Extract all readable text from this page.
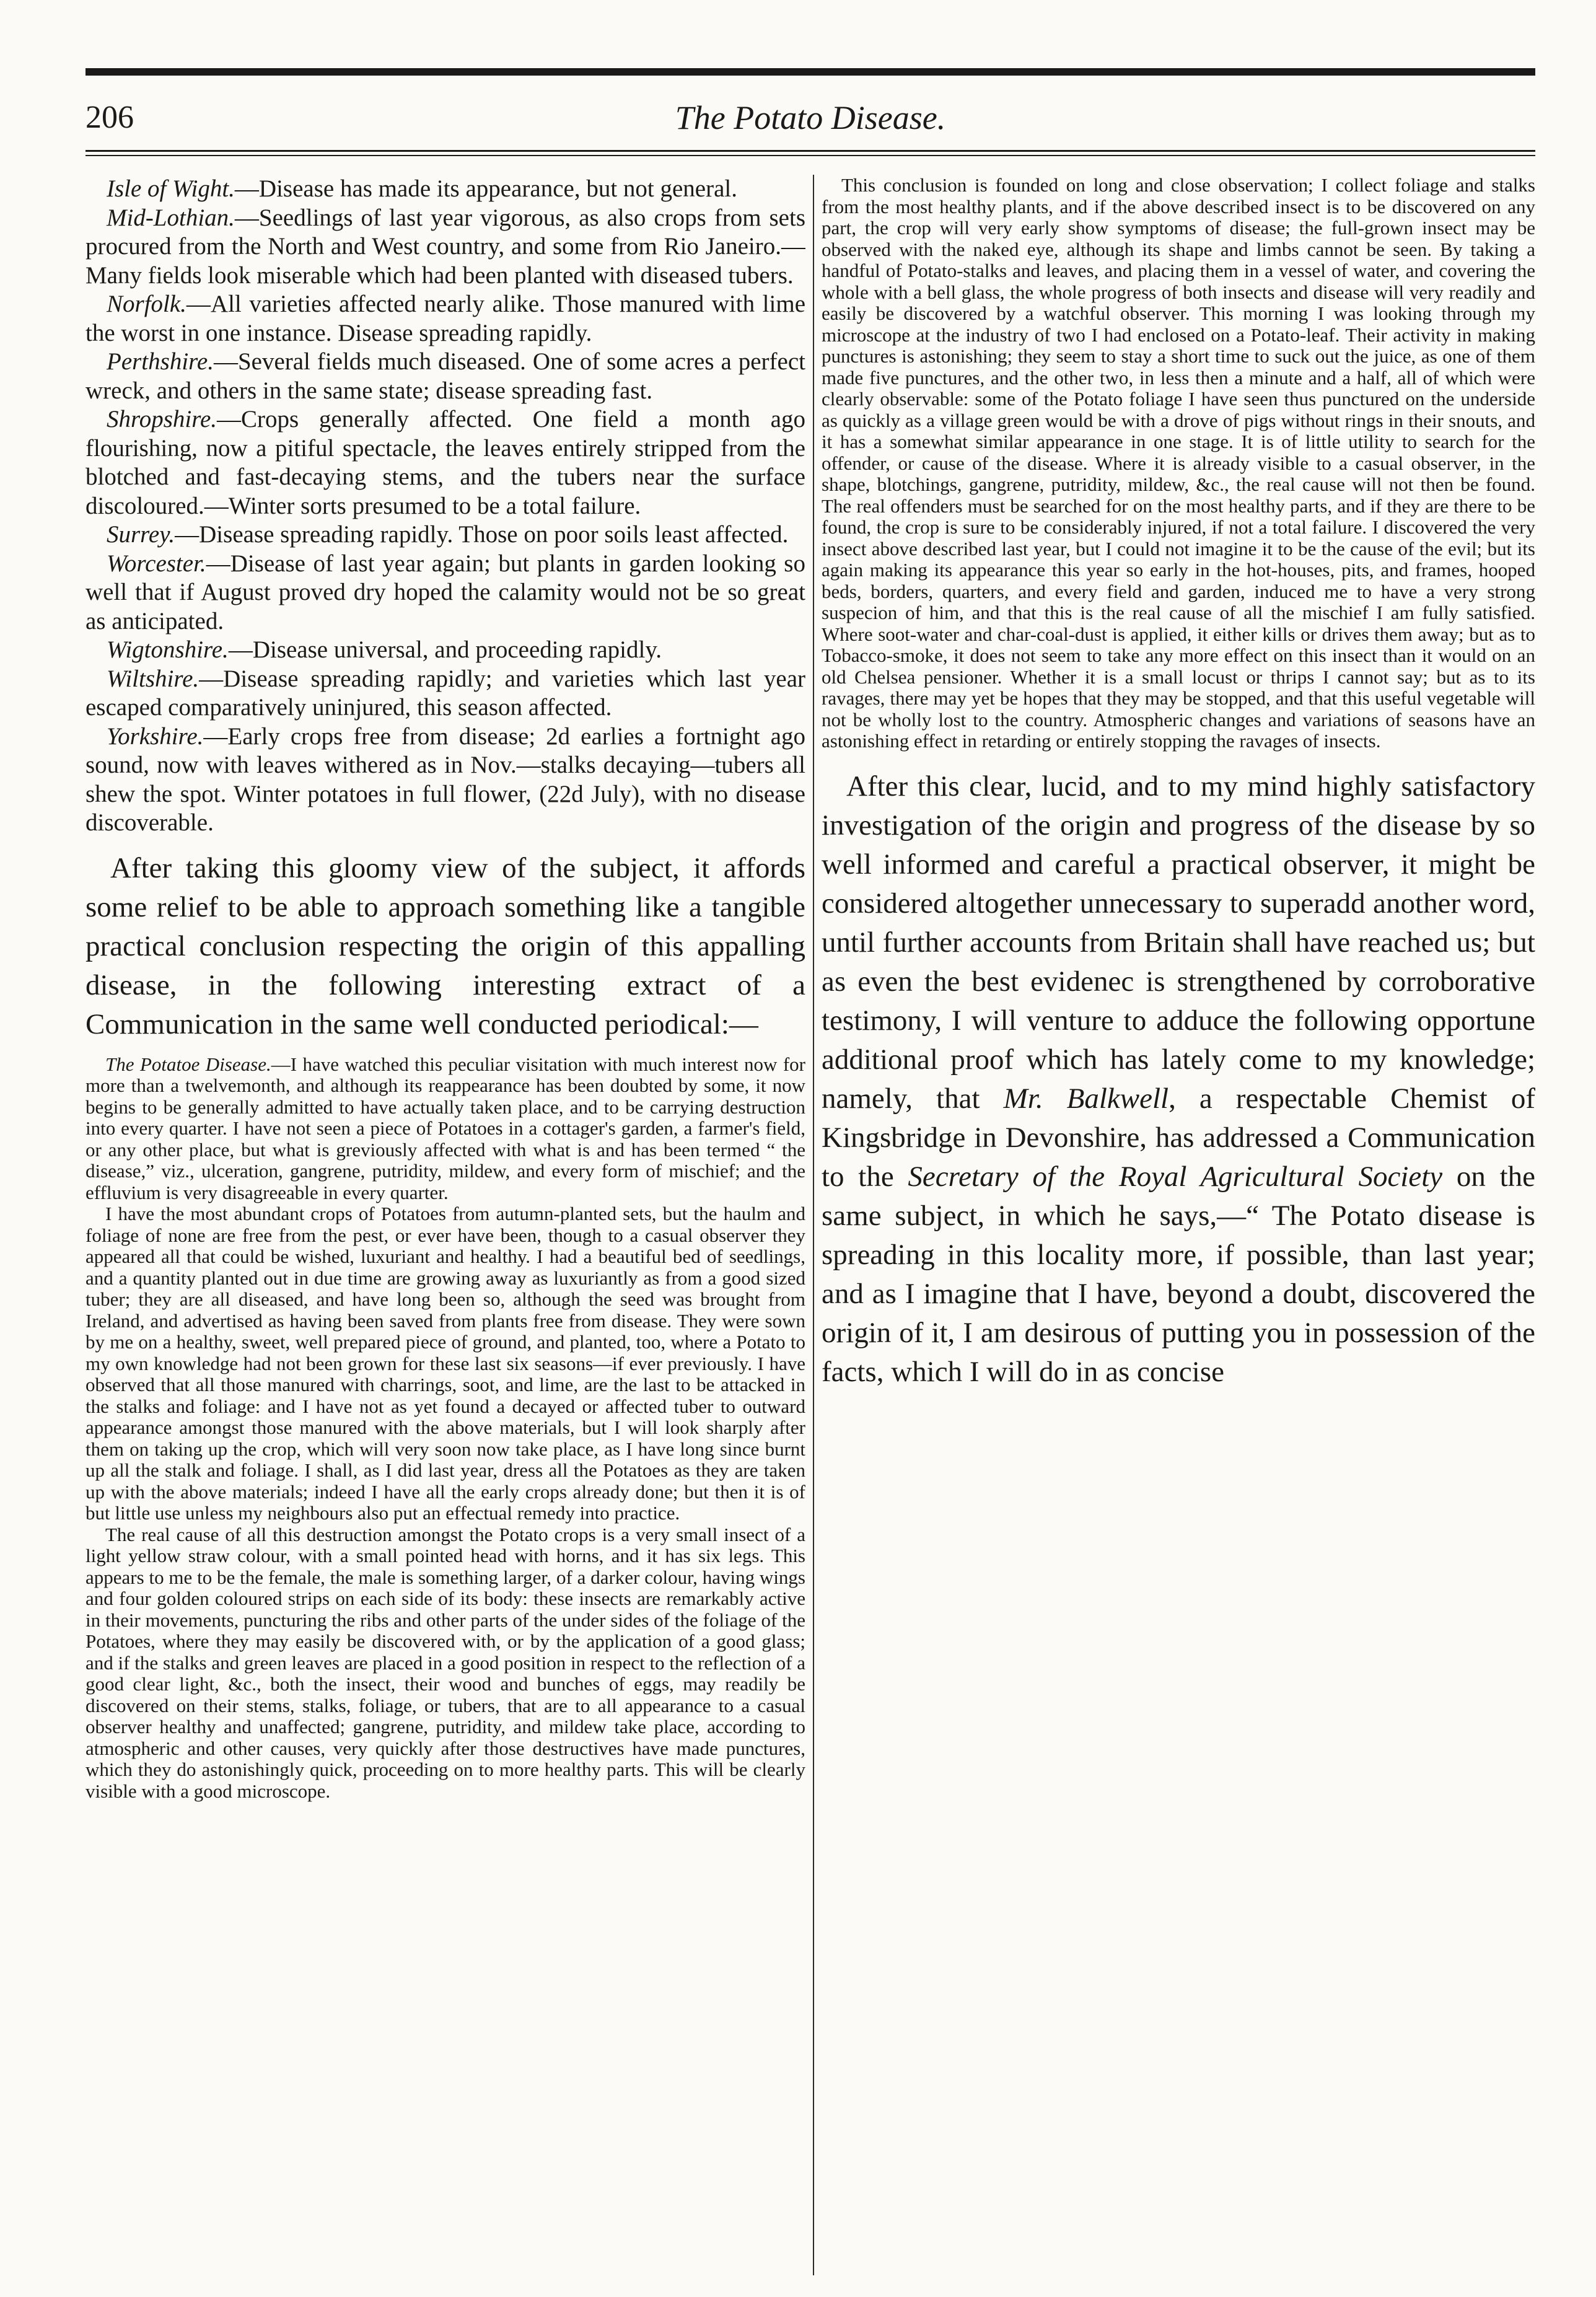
206	The Potato Disease.

Isle of Wight.—Disease has made its appearance, but not general.

Mid-Lothian.—Seedlings of last year vigorous, as also crops from sets procured from the North and West country, and some from Rio Janeiro.—Many fields look miserable which had been planted with diseased tubers.

Norfolk.—All varieties affected nearly alike. Those manured with lime the worst in one instance. Disease spreading rapidly.

Perthshire.—Several fields much diseased. One of some acres a perfect wreck, and others in the same state; disease spreading fast.

Shropshire.—Crops generally affected. One field a month ago flourishing, now a pitiful spectacle, the leaves entirely stripped from the blotched and fast-decaying stems, and the tubers near the surface discoloured.—Winter sorts presumed to be a total failure.

Surrey.—Disease spreading rapidly. Those on poor soils least affected.

Worcester.—Disease of last year again; but plants in garden looking so well that if August proved dry hoped the calamity would not be so great as anticipated.

Wigtonshire.—Disease universal, and proceeding rapidly.

Wiltshire.—Disease spreading rapidly; and varieties which last year escaped comparatively uninjured, this season affected.

Yorkshire.—Early crops free from disease; 2d earlies a fortnight ago sound, now with leaves withered as in Nov.—stalks decaying—tubers all shew the spot. Winter potatoes in full flower, (22d July), with no disease discoverable.

After taking this gloomy view of the subject, it affords some relief to be able to approach something like a tangible practical conclusion respecting the origin of this appalling disease, in the following interesting extract of a Communication in the same well conducted periodical:—

The Potatoe Disease.—I have watched this peculiar visitation with much interest now for more than a twelvemonth, and although its reappearance has been doubted by some, it now begins to be generally admitted to have actually taken place, and to be carrying destruction into every quarter. I have not seen a piece of Potatoes in a cottager's garden, a farmer's field, or any other place, but what is greviously affected with what is and has been termed “ the disease,” viz., ulceration, gangrene, putridity, mildew, and every form of mischief; and the effluvium is very disagreeable in every quarter.

I have the most abundant crops of Potatoes from autumn-planted sets, but the haulm and foliage of none are free from the pest, or ever have been, though to a casual observer they appeared all that could be wished, luxuriant and healthy. I had a beautiful bed of seedlings, and a quantity planted out in due time are growing away as luxuriantly as from a good sized tuber; they are all diseased, and have long been so, although the seed was brought from Ireland, and advertised as having been saved from plants free from disease. They were sown by me on a healthy, sweet, well prepared piece of ground, and planted, too, where a Potato to my own knowledge had not been grown for these last six seasons—if ever previously. I have observed that all those manured with charrings, soot, and lime, are the last to be attacked in the stalks and foliage: and I have not as yet found a decayed or affected tuber to outward appearance amongst those manured with the above materials, but I will look sharply after them on taking up the crop, which will very soon now take place, as I have long since burnt up all the stalk and foliage. I shall, as I did last year, dress all the Potatoes as they are taken up with the above materials; indeed I have all the early crops already done; but then it is of but little use unless my neighbours also put an effectual remedy into practice.

The real cause of all this destruction amongst the Potato crops is a very small insect of a light yellow straw colour, with a small pointed head with horns, and it has six legs. This appears to me to be the female, the male is something larger, of a darker colour, having wings and four golden coloured strips on each side of its body: these insects are remarkably active in their movements, puncturing the ribs and other parts of the under sides of the foliage of the Potatoes, where they may easily be discovered with, or by the application of a good glass; and if the stalks and green leaves are placed in a good position in respect to the reflection of a good clear light, &c., both the insect, their wood and bunches of eggs, may readily be discovered on their stems, stalks, foliage, or tubers, that are to all appearance to a casual observer healthy and unaffected; gangrene, putridity, and mildew take place, according to atmospheric and other causes, very quickly after those destructives have made punctures, which they do astonishingly quick, proceeding on to more healthy parts. This will be clearly visible with a good microscope.

This conclusion is founded on long and close observation; I collect foliage and stalks from the most healthy plants, and if the above described insect is to be discovered on any part, the crop will very early show symptoms of disease; the full-grown insect may be observed with the naked eye, although its shape and limbs cannot be seen. By taking a handful of Potato-stalks and leaves, and placing them in a vessel of water, and covering the whole with a bell glass, the whole progress of both insects and disease will very readily and easily be discovered by a watchful observer. This morning I was looking through my microscope at the industry of two I had enclosed on a Potato-leaf. Their activity in making punctures is astonishing; they seem to stay a short time to suck out the juice, as one of them made five punctures, and the other two, in less then a minute and a half, all of which were clearly observable: some of the Potato foliage I have seen thus punctured on the underside as quickly as a village green would be with a drove of pigs without rings in their snouts, and it has a somewhat similar appearance in one stage. It is of little utility to search for the offender, or cause of the disease. Where it is already visible to a casual observer, in the shape, blotchings, gangrene, putridity, mildew, &c., the real cause will not then be found. The real offenders must be searched for on the most healthy parts, and if they are there to be found, the crop is sure to be considerably injured, if not a total failure. I discovered the very insect above described last year, but I could not imagine it to be the cause of the evil; but its again making its appearance this year so early in the hot-houses, pits, and frames, hooped beds, borders, quarters, and every field and garden, induced me to have a very strong suspecion of him, and that this is the real cause of all the mischief I am fully satisfied. Where soot-water and char-coal-dust is applied, it either kills or drives them away; but as to Tobacco-smoke, it does not seem to take any more effect on this insect than it would on an old Chelsea pensioner. Whether it is a small locust or thrips I cannot say; but as to its ravages, there may yet be hopes that they may be stopped, and that this useful vegetable will not be wholly lost to the country. Atmospheric changes and variations of seasons have an astonishing effect in retarding or entirely stopping the ravages of insects.

After this clear, lucid, and to my mind highly satisfactory investigation of the origin and progress of the disease by so well informed and careful a practical observer, it might be considered altogether unnecessary to superadd another word, until further accounts from Britain shall have reached us; but as even the best evidenec is strengthened by corroborative testimony, I will venture to adduce the following opportune additional proof which has lately come to my knowledge; namely, that Mr. Balkwell, a respectable Chemist of Kingsbridge in Devonshire, has addressed a Communication to the Secretary of the Royal Agricultural Society on the same subject, in which he says,—“ The Potato disease is spreading in this locality more, if possible, than last year; and as I imagine that I have, beyond a doubt, discovered the origin of it, I am desirous of putting you in possession of the facts, which I will do in as concise
